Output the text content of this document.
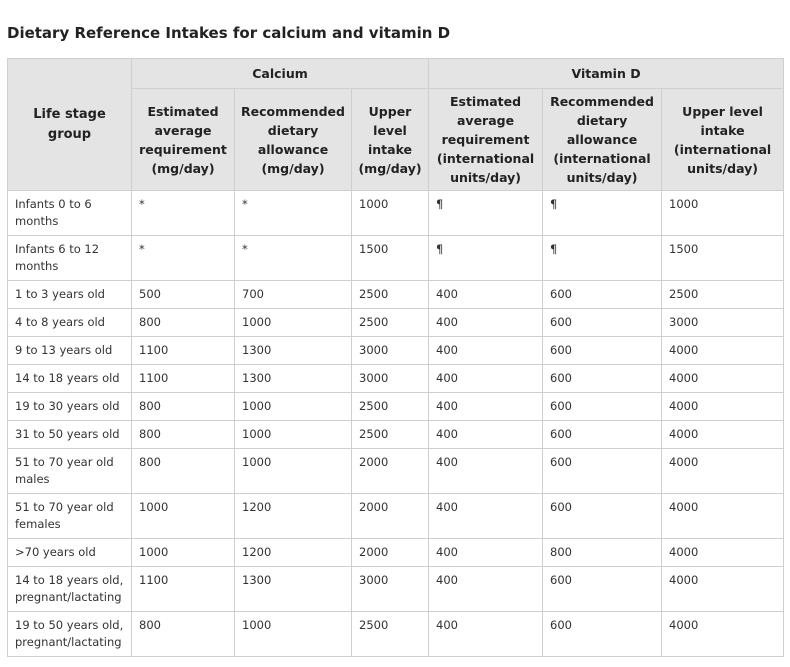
Dietary Reference Intakes for calcium and vitamin D
Life stage group	Calcium			Vitamin D		
	Estimated average requirement (mg/day)	Recommended dietary allowance (mg/day)	Upper level intake (mg/day)	Estimated average requirement (international units/day)	Recommended dietary allowance (international units/day)	Upper level intake (international units/day)
Infants 0 to 6 months	*	*	1000	¶	¶	1000
Infants 6 to 12 months	*	*	1500	¶	¶	1500
1 to 3 years old	500	700	2500	400	600	2500
4 to 8 years old	800	1000	2500	400	600	3000
9 to 13 years old	1100	1300	3000	400	600	4000
14 to 18 years old	1100	1300	3000	400	600	4000
19 to 30 years old	800	1000	2500	400	600	4000
31 to 50 years old	800	1000	2500	400	600	4000
51 to 70 year old males	800	1000	2000	400	600	4000
51 to 70 year old females	1000	1200	2000	400	600	4000
>70 years old	1000	1200	2000	400	800	4000
14 to 18 years old, pregnant/lactating	1100	1300	3000	400	600	4000
19 to 50 years old, pregnant/lactating	800	1000	2500	400	600	4000
